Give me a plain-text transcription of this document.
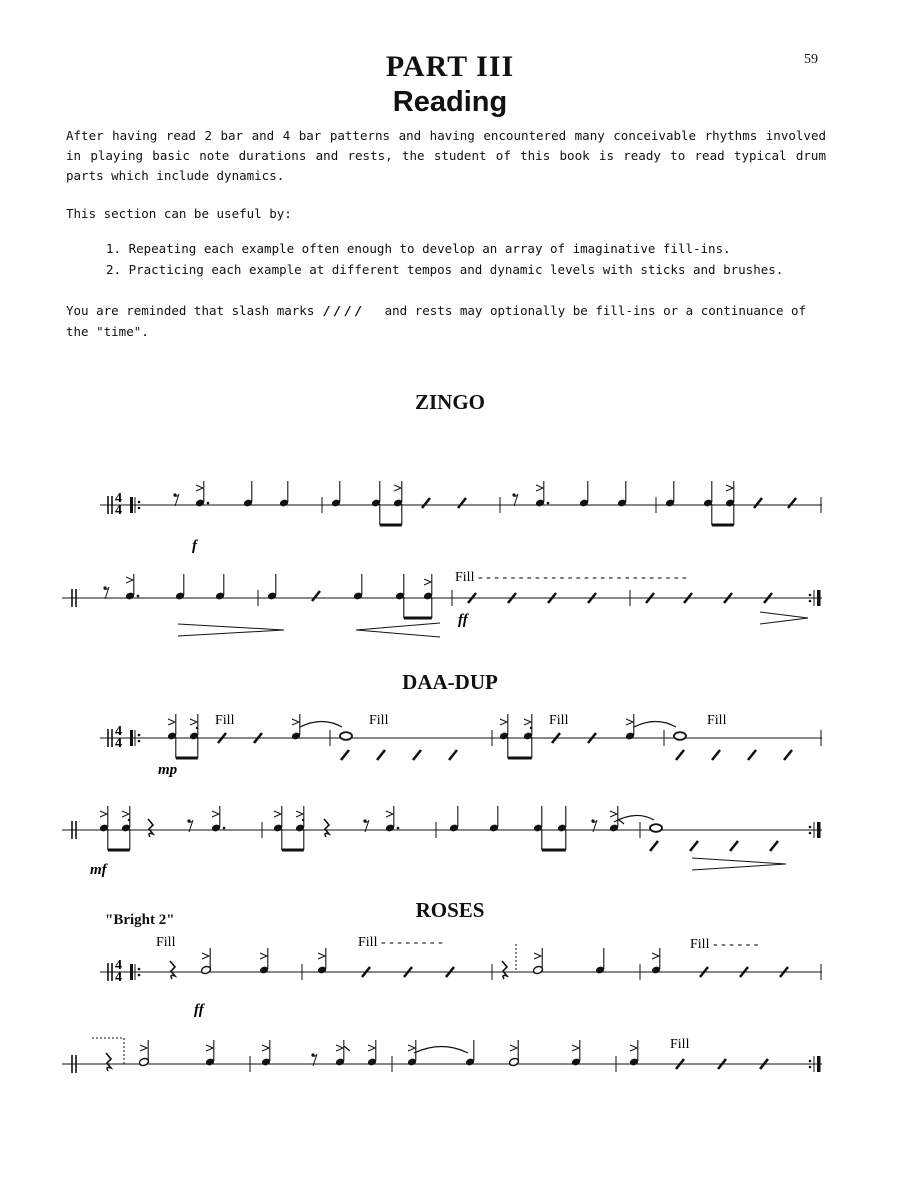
59
PART III
Reading
After having read 2 bar and 4 bar patterns and having encountered many conceivable rhythms involved in playing basic note durations and rests, the student of this book is ready to read typical drum parts which include dynamics.
This section can be useful by:
1. Repeating each example often enough to develop an array of imaginative fill-ins.
2. Practicing each example at different tempos and dynamic levels with sticks and brushes.
You are reminded that slash marks //// and rests may optionally be fill-ins or a continuance of the "time".
ZINGO
DAA-DUP
ROSES
"Bright 2"
4
4
f
Fill - - - - - - - - - - - - - - - - - - - - - - - - - -
ff
4
4
Fill	Fill	Fill	Fill
mp
mf
4
4
Fill	Fill - - - - - - - -	Fill - - - - - -
ff
Fill
